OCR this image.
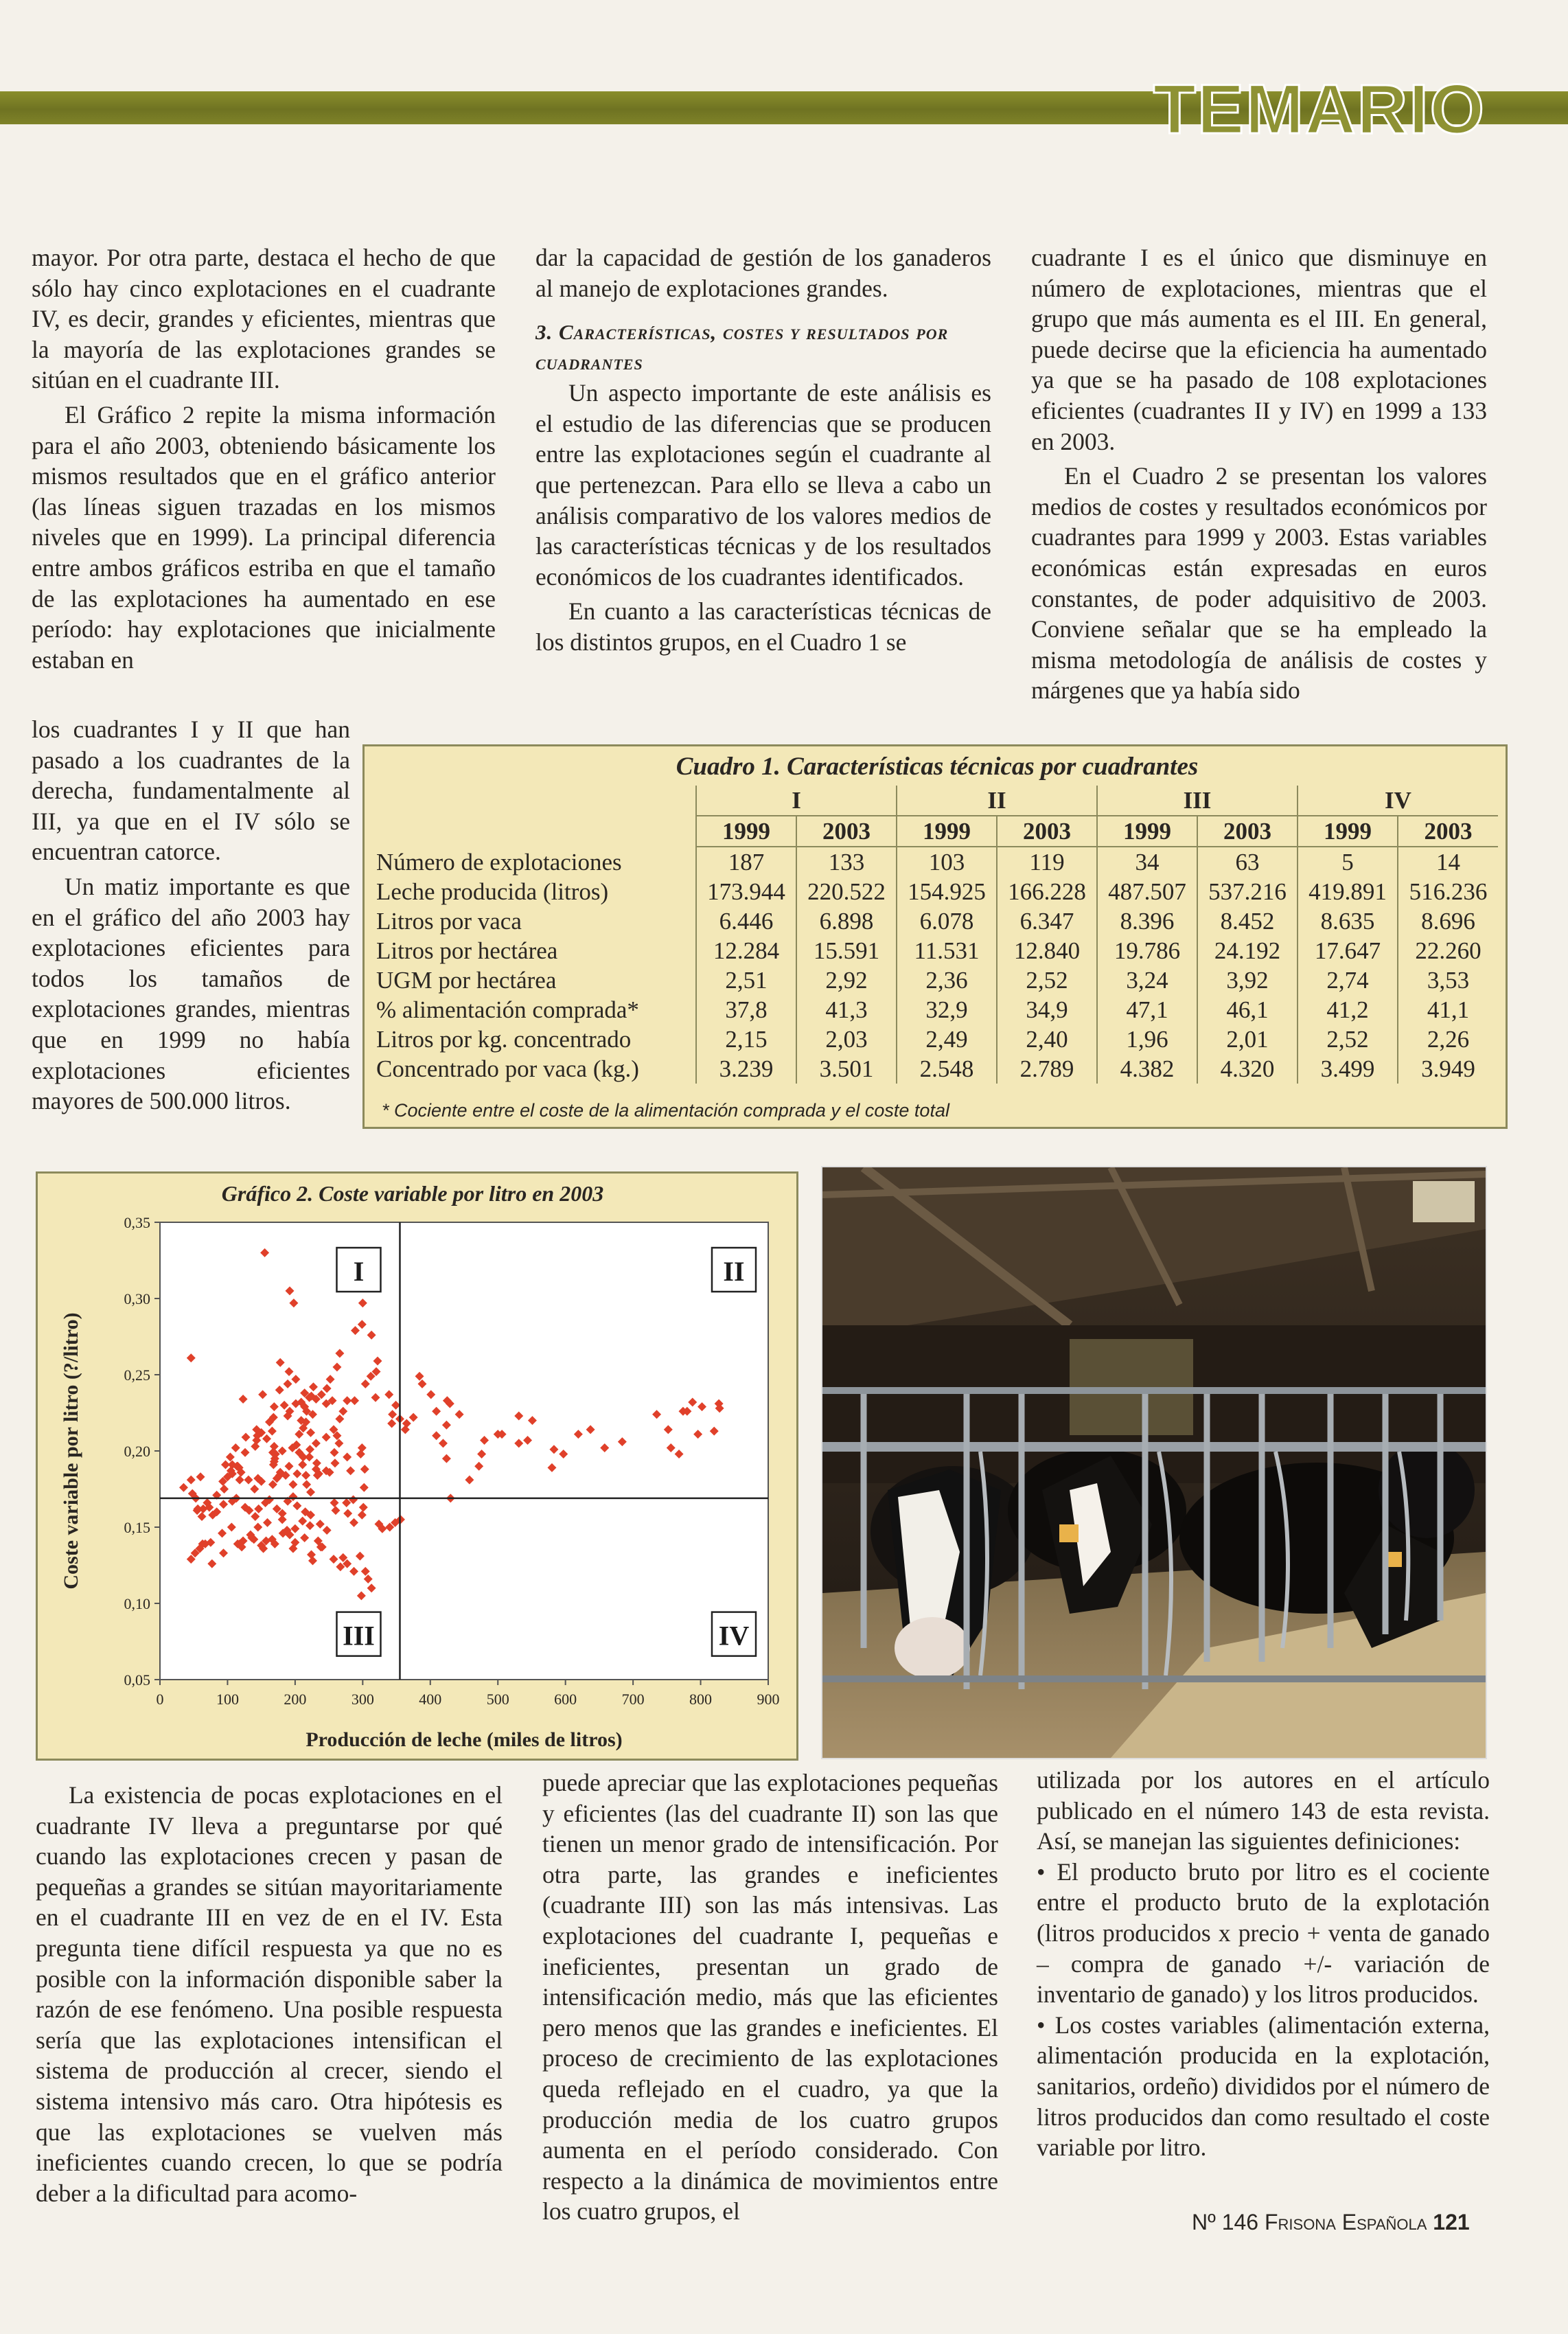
TEMARIO

mayor. Por otra parte, destaca el hecho de que sólo hay cinco explotaciones en el cuadrante IV, es decir, grandes y eficientes, mientras que la mayoría de las explotaciones grandes se sitúan en el cuadrante III.

El Gráfico 2 repite la misma información para el año 2003, obteniendo básicamente los mismos resultados que en el gráfico anterior (las líneas siguen trazadas en los mismos niveles que en 1999). La principal diferencia entre ambos gráficos estriba en que el tamaño de las explotaciones ha aumentado en ese período: hay explotaciones que inicialmente estaban en

los cuadrantes I y II que han pasado a los cuadrantes de la derecha, fundamentalmente al III, ya que en el IV sólo se encuentran catorce.

Un matiz importante es que en el gráfico del año 2003 hay explotaciones eficientes para todos los tamaños de explotaciones grandes, mientras que en 1999 no había explotaciones eficientes mayores de 500.000 litros.

dar la capacidad de gestión de los ganaderos al manejo de explotaciones grandes.

3. Características, costes y resultados por cuadrantes

Un aspecto importante de este análisis es el estudio de las diferencias que se producen entre las explotaciones según el cuadrante al que pertenezcan. Para ello se lleva a cabo un análisis comparativo de los valores medios de las características técnicas y de los resultados económicos de los cuadrantes identificados.

En cuanto a las características técnicas de los distintos grupos, en el Cuadro 1 se

cuadrante I es el único que disminuye en número de explotaciones, mientras que el grupo que más aumenta es el III. En general, puede decirse que la eficiencia ha aumentado ya que se ha pasado de 108 explotaciones eficientes (cuadrantes II y IV) en 1999 a 133 en 2003.

En el Cuadro 2 se presentan los valores medios de costes y resultados económicos por cuadrantes para 1999 y 2003. Estas variables económicas están expresadas en euros constantes, de poder adquisitivo de 2003. Conviene señalar que se ha empleado la misma metodología de análisis de costes y márgenes que ya había sido

Cuadro 1. Características técnicas por cuadrantes
	I		II		III		IV	
	1999	2003	1999	2003	1999	2003	1999	2003
Número de explotaciones	187	133	103	119	34	63	5	14
Leche producida (litros)	173.944	220.522	154.925	166.228	487.507	537.216	419.891	516.236
Litros por vaca	6.446	6.898	6.078	6.347	8.396	8.452	8.635	8.696
Litros por hectárea	12.284	15.591	11.531	12.840	19.786	24.192	17.647	22.260
UGM por hectárea	2,51	2,92	2,36	2,52	3,24	3,92	2,74	3,53
% alimentación comprada*	37,8	41,3	32,9	34,9	47,1	46,1	41,2	41,1
Litros por kg. concentrado	2,15	2,03	2,49	2,40	1,96	2,01	2,52	2,26
Concentrado por vaca (kg.)	3.239	3.501	2.548	2.789	4.382	4.320	3.499	3.949
* Cociente entre el coste de la alimentación comprada y el coste total
Gráfico 2. Coste variable por litro en 2003
I	II
III	IV
0,05
0,10
0,15
0,20
0,25
0,30
0,35
0	100	200	300	400	500	600	700	800	900
Producción de leche (miles de litros)
Coste variable por litro (?/litro)

La existencia de pocas explotaciones en el cuadrante IV lleva a preguntarse por qué cuando las explotaciones crecen y pasan de pequeñas a grandes se sitúan mayoritariamente en el cuadrante III en vez de en el IV. Esta pregunta tiene difícil respuesta ya que no es posible con la información disponible saber la razón de ese fenómeno. Una posible respuesta sería que las explotaciones intensifican el sistema de producción al crecer, siendo el sistema intensivo más caro. Otra hipótesis es que las explotaciones se vuelven más ineficientes cuando crecen, lo que se podría deber a la dificultad para acomo-

puede apreciar que las explotaciones pequeñas y eficientes (las del cuadrante II) son las que tienen un menor grado de intensificación. Por otra parte, las grandes e ineficientes (cuadrante III) son las más intensivas. Las explotaciones del cuadrante I, pequeñas e ineficientes, presentan un grado de intensificación medio, más que las eficientes pero menos que las grandes e ineficientes. El proceso de crecimiento de las explotaciones queda reflejado en el cuadro, ya que la producción media de los cuatro grupos aumenta en el período considerado. Con respecto a la dinámica de movimientos entre los cuatro grupos, el

utilizada por los autores en el artículo publicado en el número 143 de esta revista. Así, se manejan las siguientes definiciones:

• El producto bruto por litro es el cociente entre el producto bruto de la explotación (litros producidos x precio + venta de ganado – compra de ganado +/- variación de inventario de ganado) y los litros producidos.
• Los costes variables (alimentación externa, alimentación producida en la explotación, sanitarios, ordeño) divididos por el número de litros producidos dan como resultado el coste variable por litro.
Nº 146 Frisona Española 121
